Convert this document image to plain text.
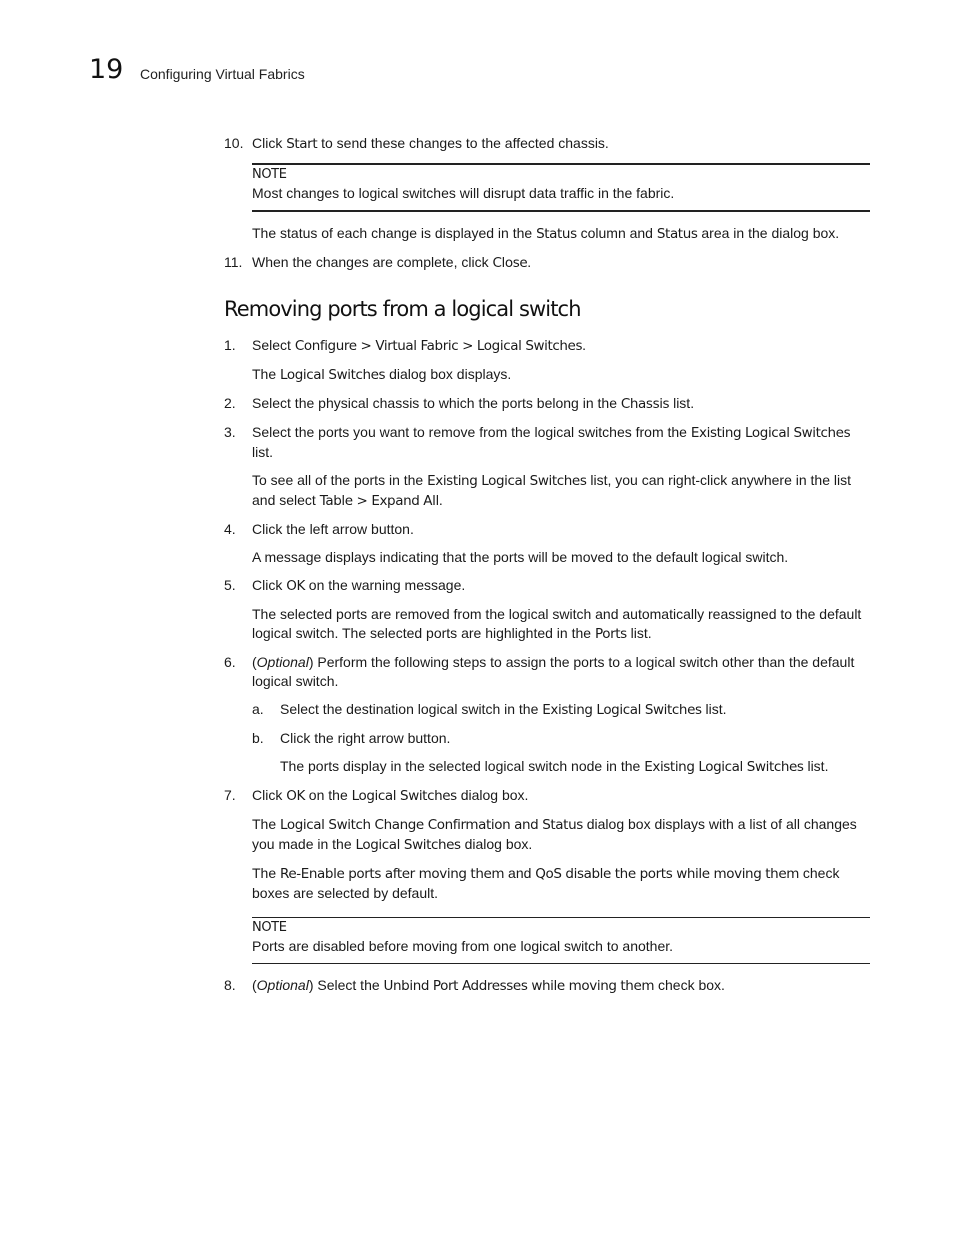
19 Configuring Virtual Fabrics
10. Click Start to send these changes to the affected chassis.
NOTE
Most changes to logical switches will disrupt data traffic in the fabric.
The status of each change is displayed in the Status column and Status area in the dialog box.
11. When the changes are complete, click Close.
Removing ports from a logical switch
1. Select Configure > Virtual Fabric > Logical Switches.
The Logical Switches dialog box displays.
2. Select the physical chassis to which the ports belong in the Chassis list.
3. Select the ports you want to remove from the logical switches from the Existing Logical Switches list.
To see all of the ports in the Existing Logical Switches list, you can right-click anywhere in the list and select Table > Expand All.
4. Click the left arrow button.
A message displays indicating that the ports will be moved to the default logical switch.
5. Click OK on the warning message.
The selected ports are removed from the logical switch and automatically reassigned to the default logical switch. The selected ports are highlighted in the Ports list.
6. (Optional) Perform the following steps to assign the ports to a logical switch other than the default logical switch.
a. Select the destination logical switch in the Existing Logical Switches list.
b. Click the right arrow button.
The ports display in the selected logical switch node in the Existing Logical Switches list.
7. Click OK on the Logical Switches dialog box.
The Logical Switch Change Confirmation and Status dialog box displays with a list of all changes you made in the Logical Switches dialog box.
The Re-Enable ports after moving them and QoS disable the ports while moving them check boxes are selected by default.
NOTE
Ports are disabled before moving from one logical switch to another.
8. (Optional) Select the Unbind Port Addresses while moving them check box.
